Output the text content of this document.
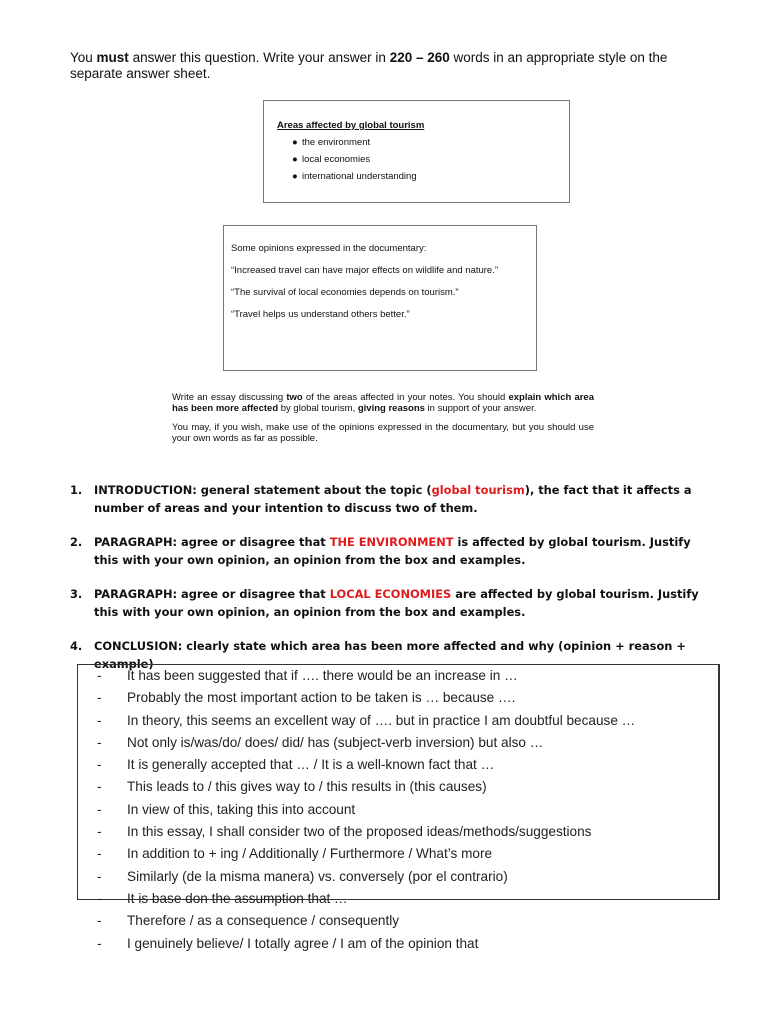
You must answer this question. Write your answer in 220 – 260 words in an appropriate style on the separate answer sheet.
Areas affected by global tourism
● the environment
● local economies
● international understanding

Some opinions expressed in the documentary:

“Increased travel can have major effects on wildlife and nature.”

“The survival of local economies depends on tourism.”

“Travel helps us understand others better.”

Write an essay discussing two of the areas affected in your notes. You should explain which area has been more affected by global tourism, giving reasons in support of your answer.

You may, if you wish, make use of the opinions expressed in the documentary, but you should use your own words as far as possible.

1. INTRODUCTION: general statement about the topic (global tourism), the fact that it affects a number of areas and your intention to discuss two of them.
2. PARAGRAPH: agree or disagree that THE ENVIRONMENT is affected by global tourism. Justify this with your own opinion, an opinion from the box and examples.
3. PARAGRAPH: agree or disagree that LOCAL ECONOMIES are affected by global tourism. Justify this with your own opinion, an opinion from the box and examples.
4. CONCLUSION: clearly state which area has been more affected and why (opinion + reason + example)
- It has been suggested that if …. there would be an increase in …
- Probably the most important action to be taken is … because ….
- In theory, this seems an excellent way of …. but in practice I am doubtful because …
- Not only is/was/do/ does/ did/ has (subject-verb inversion) but also …
- It is generally accepted that … / It is a well-known fact that …
- This leads to / this gives way to / this results in (this causes)
- In view of this, taking this into account
- In this essay, I shall consider two of the proposed ideas/methods/suggestions
- In addition to + ing / Additionally / Furthermore / What’s more
- Similarly (de la misma manera) vs. conversely (por el contrario)
- It is base don the assumption that …
- Therefore / as a consequence / consequently
- I genuinely believe/ I totally agree / I am of the opinion that
